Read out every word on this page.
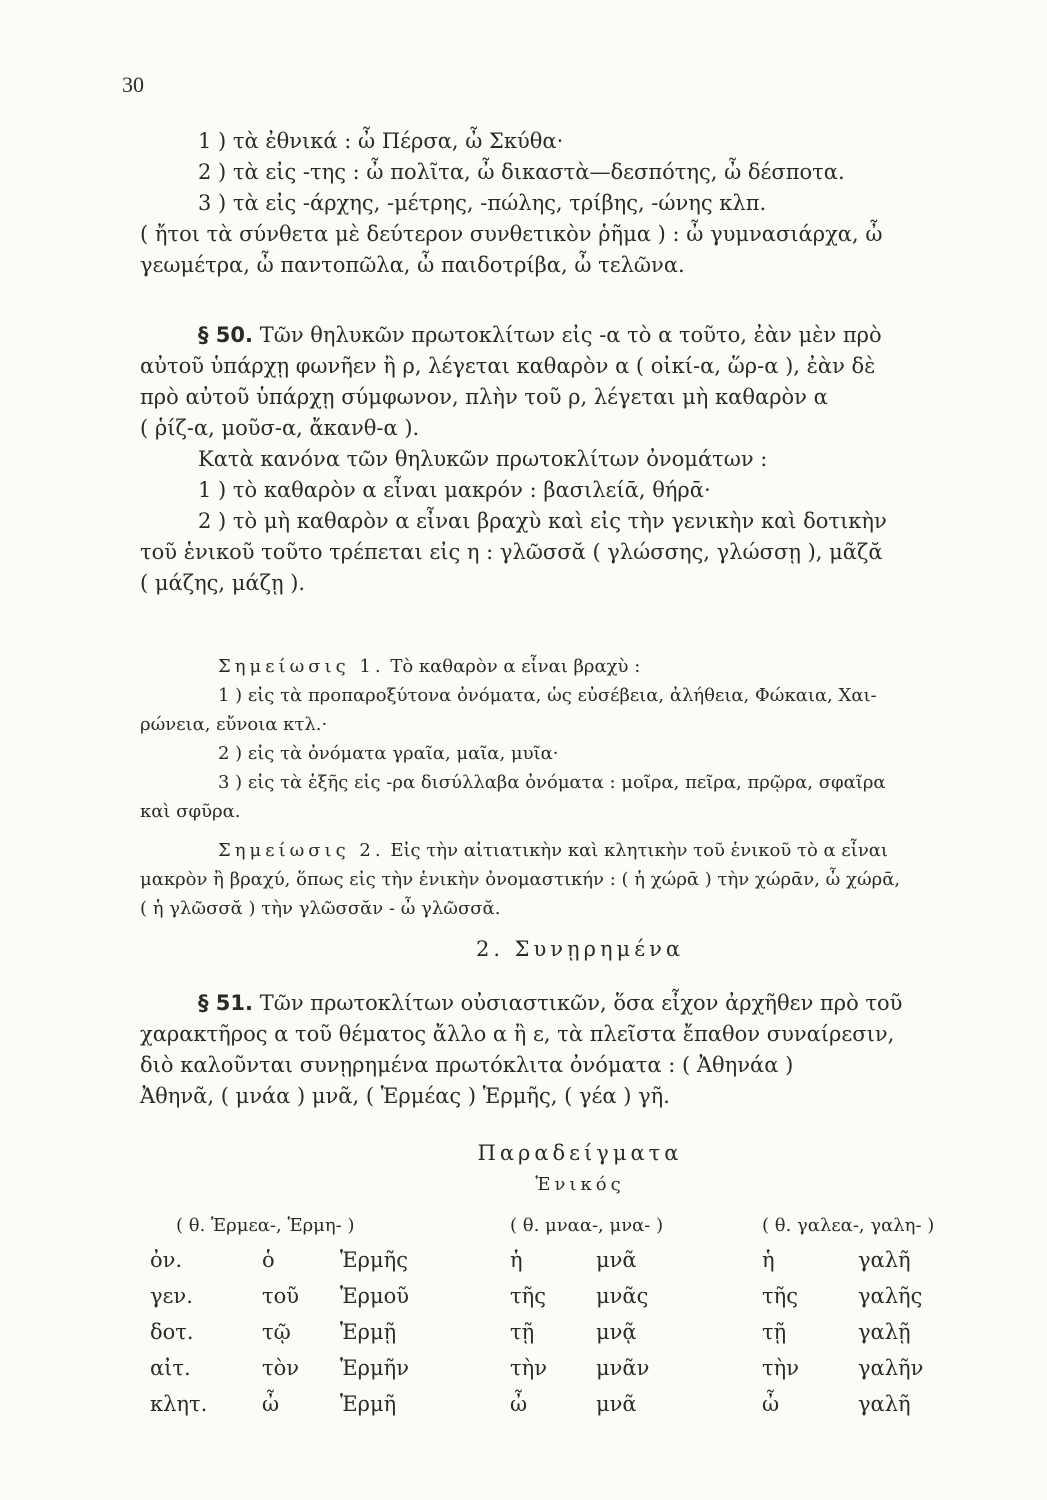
30
1 ) τὰ ἐθνικά : ὦ Πέρσα, ὦ Σκύθα·
2 ) τὰ εἰς -της : ὦ πολῖτα, ὦ δικαστὰ—δεσπότης, ὦ δέσποτα.
3 ) τὰ εἰς -άρχης, -μέτρης, -πώλης, τρίβης, -ώνης κλπ.
( ἤτοι τὰ σύνθετα μὲ δεύτερον συνθετικὸν ῥῆμα ) : ὦ γυμνασιάρχα, ὦ
γεωμέτρα, ὦ παντοπῶλα, ὦ παιδοτρίβα, ὦ τελῶνα.
§ 50. Τῶν θηλυκῶν πρωτοκλίτων εἰς -α τὸ α τοῦτο, ἐὰν μὲν πρὸ
αὐτοῦ ὑπάρχῃ φωνῆεν ἢ ρ, λέγεται καθαρὸν α ( οἰκί-α, ὥρ-α ), ἐὰν δὲ
πρὸ αὐτοῦ ὑπάρχῃ σύμφωνον, πλὴν τοῦ ρ, λέγεται μὴ καθαρὸν α
( ῥίζ-α, μοῦσ-α, ἄκανθ-α ).
Κατὰ κανόνα τῶν θηλυκῶν πρωτοκλίτων ὀνομάτων :
1 ) τὸ καθαρὸν α εἶναι μακρόν : βασιλείᾱ, θήρᾱ·
2 ) τὸ μὴ καθαρὸν α εἶναι βραχὺ καὶ εἰς τὴν γενικὴν καὶ δοτικὴν
τοῦ ἑνικοῦ τοῦτο τρέπεται εἰς η : γλῶσσᾰ ( γλώσσης, γλώσσῃ ), μᾶζᾰ
( μάζης, μάζῃ ).
Σημείωσις 1. Τὸ καθαρὸν α εἶναι βραχὺ :
1 ) εἰς τὰ προπαροξύτονα ὀνόματα, ὡς εὐσέβεια, ἀλήθεια, Φώκαια, Χαι-
ρώνεια, εὔνοια κτλ.·
2 ) εἰς τὰ ὀνόματα γραῖα, μαῖα, μυῖα·
3 ) εἰς τὰ ἑξῆς εἰς -ρα δισύλλαβα ὀνόματα : μοῖρα, πεῖρα, πρῷρα, σφαῖρα
καὶ σφῦρα.
Σημείωσις 2. Εἰς τὴν αἰτιατικὴν καὶ κλητικὴν τοῦ ἑνικοῦ τὸ α εἶναι
μακρὸν ἢ βραχύ, ὅπως εἰς τὴν ἑνικὴν ὀνομαστικήν : ( ἡ χώρᾱ ) τὴν χώρᾱν, ὦ χώρᾱ,
( ἡ γλῶσσᾰ ) τὴν γλῶσσᾰν - ὦ γλῶσσᾰ.
2. Συνῃρημένα
§ 51. Τῶν πρωτοκλίτων οὐσιαστικῶν, ὅσα εἶχον ἀρχῆθεν πρὸ τοῦ
χαρακτῆρος α τοῦ θέματος ἄλλο α ἢ ε, τὰ πλεῖστα ἔπαθον συναίρεσιν,
διὸ καλοῦνται συνῃρημένα πρωτόκλιτα ὀνόματα : ( Ἀθηνάα )
Ἀθηνᾶ, ( μνάα ) μνᾶ, ( Ἑρμέας ) Ἑρμῆς, ( γέα ) γῆ.
Παραδείγματα
Ἑνικός
( θ. Ἑρμεα-, Ἑρμη- )			( θ. μναα-, μνα- )		( θ. γαλεα-, γαλη- )	
ὀν.	ὁ	Ἑρμῆς	ἡ	μνᾶ	ἡ	γαλῆ
γεν.	τοῦ	Ἑρμοῦ	τῆς	μνᾶς	τῆς	γαλῆς
δοτ.	τῷ	Ἑρμῇ	τῇ	μνᾷ	τῇ	γαλῇ
αἰτ.	τὸν	Ἑρμῆν	τὴν	μνᾶν	τὴν	γαλῆν
κλητ.	ὦ	Ἑρμῆ	ὦ	μνᾶ	ὦ	γαλῆ
